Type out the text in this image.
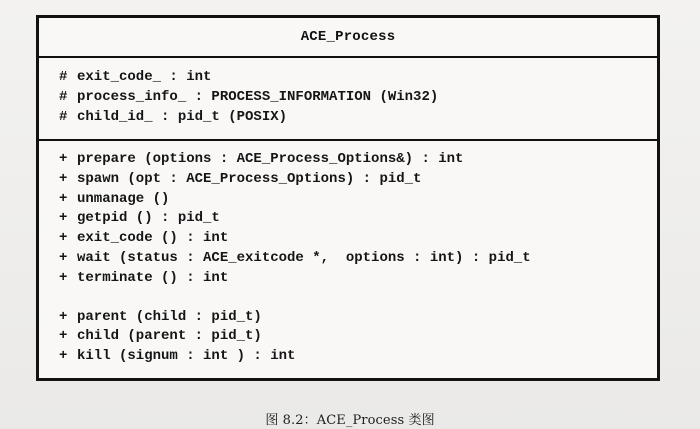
ACE_Process
# exit_code_ : int
# process_info_ : PROCESS_INFORMATION (Win32)
# child_id_ : pid_t (POSIX)
+ prepare (options : ACE_Process_Options&) : int
+ spawn (opt : ACE_Process_Options) : pid_t
+ unmanage ()
+ getpid () : pid_t
+ exit_code () : int
+ wait (status : ACE_exitcode *,  options : int) : pid_t
+ terminate () : int
+ parent (child : pid_t)
+ child (parent : pid_t)
+ kill (signum : int ) : int
图 8.2：ACE_Process 类图
